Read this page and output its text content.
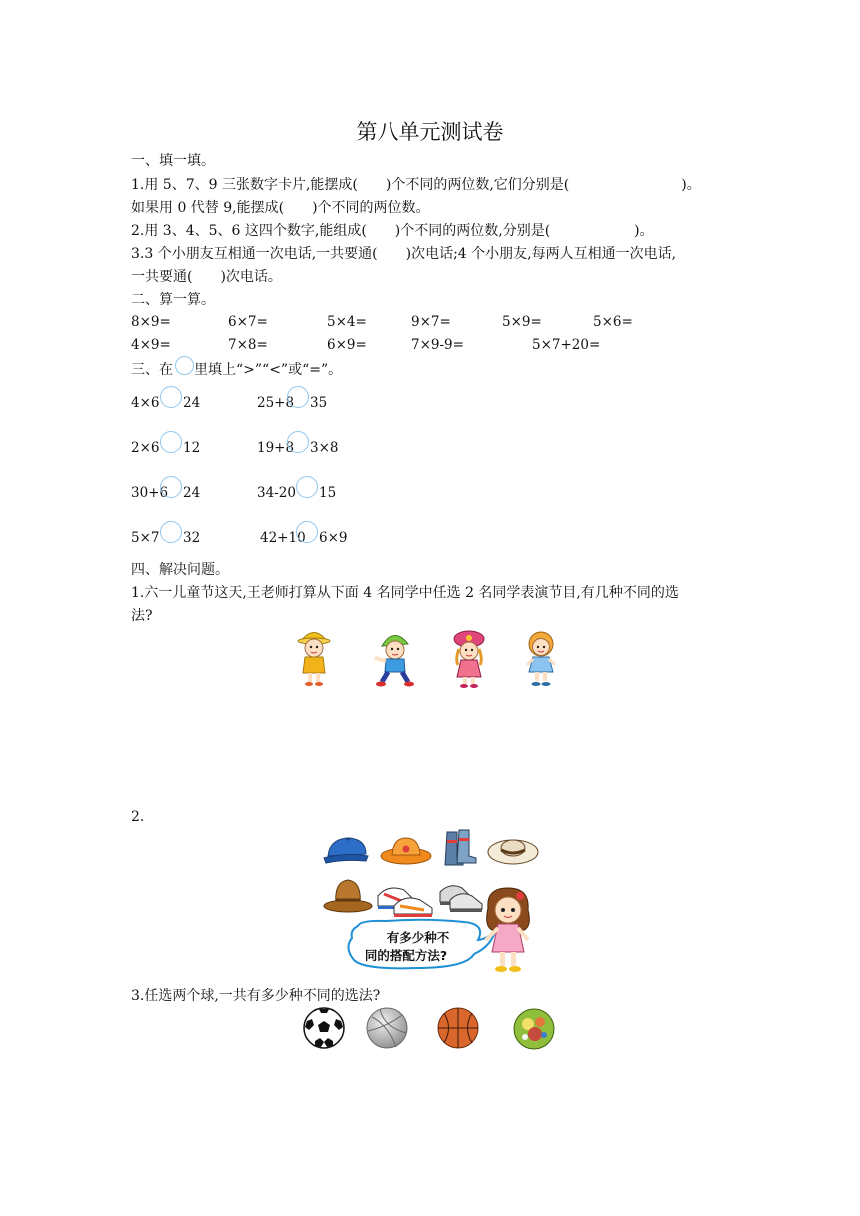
第八单元测试卷
一、填一填。
1.用 5、7、9 三张数字卡片,能摆成(　　)个不同的两位数,它们分别是(　　　　　　　　)。
如果用 0 代替 9,能摆成(　　)个不同的两位数。
2.用 3、4、5、6 这四个数字,能组成(　　)个不同的两位数,分别是(　　　　　　)。
3.3 个小朋友互相通一次电话,一共要通(　　)次电话;4 个小朋友,每两人互相通一次电话,
一共要通(　　)次电话。
二、算一算。
8×9=	6×7=	5×4=	9×7=	5×9=	5×6=
4×9=	7×8=	6×9=	7×9-9=	5×7+20=
三、在 里填上“>”“<”或“=”。
4×6 24	25+8 35
2×6 12	19+8 3×8
30+6 24	34-20 15
5×7 32	42+10 6×9
四、解决问题。
1.六一儿童节这天,王老师打算从下面 4 名同学中任选 2 名同学表演节目,有几种不同的选
法?
2.
有多少种不
同的搭配方法?
3.任选两个球,一共有多少种不同的选法?
